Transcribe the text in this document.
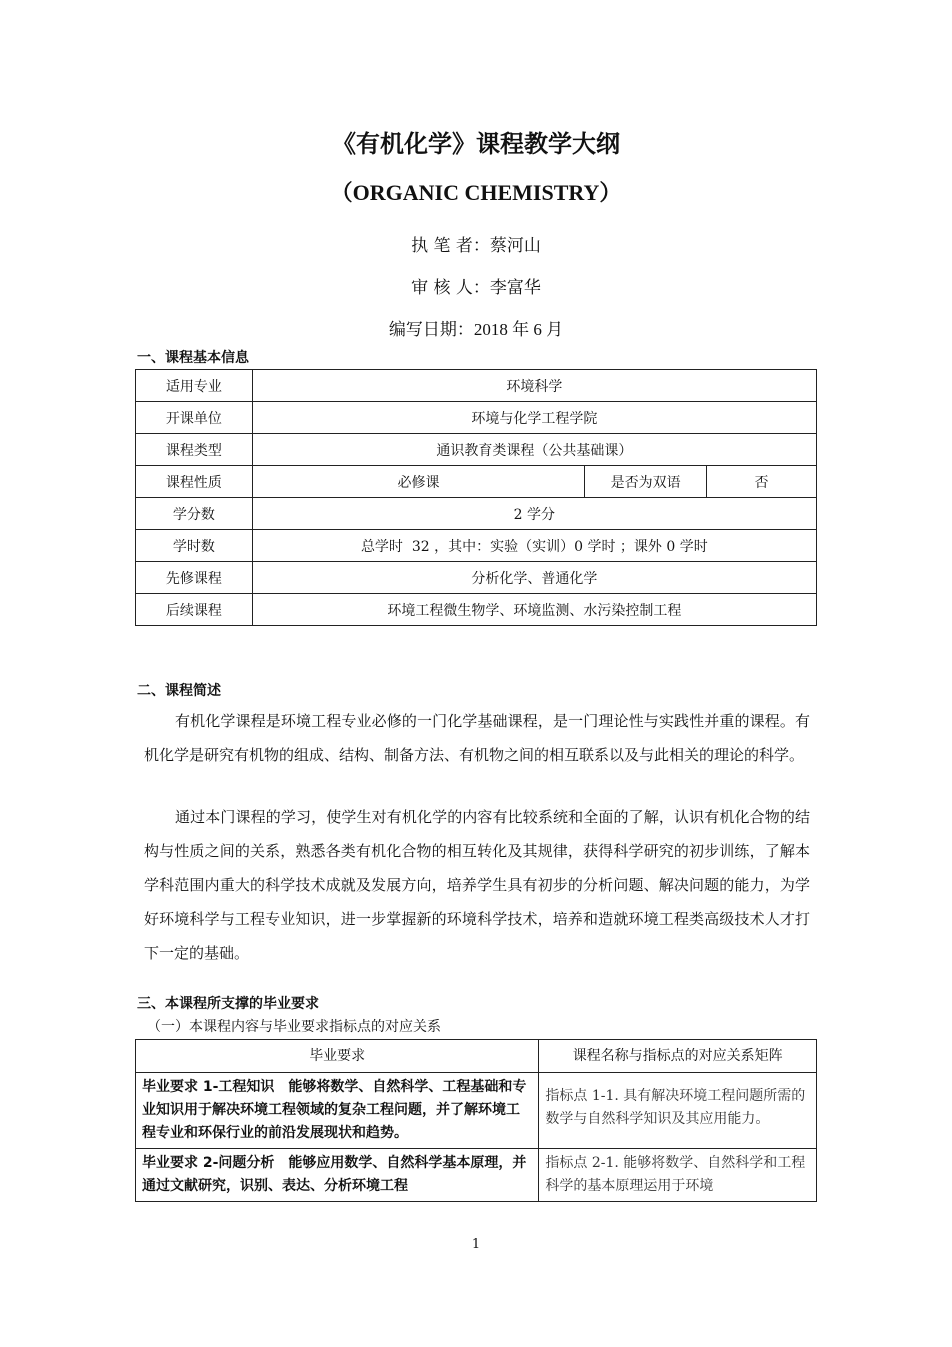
《有机化学》课程教学大纲
（ORGANIC CHEMISTRY）
执 笔 者：蔡河山
审 核 人：李富华
编写日期：2018 年 6 月
一、课程基本信息
适用专业	环境科学		
开课单位	环境与化学工程学院		
课程类型	通识教育类课程（公共基础课）		
课程性质	必修课	是否为双语	否
学分数	2 学分		
学时数	总学时  32 ，其中：实验（实训）0 学时 ；课外 0 学时		
先修课程	分析化学、普通化学		
后续课程	环境工程微生物学、环境监测、水污染控制工程		
二、课程简述
有机化学课程是环境工程专业必修的一门化学基础课程，是一门理论性与实践性并重的课程。有机化学是研究有机物的组成、结构、制备方法、有机物之间的相互联系以及与此相关的理论的科学。
通过本门课程的学习，使学生对有机化学的内容有比较系统和全面的了解，认识有机化合物的结构与性质之间的关系，熟悉各类有机化合物的相互转化及其规律，获得科学研究的初步训练，了解本学科范围内重大的科学技术成就及发展方向，培养学生具有初步的分析问题、解决问题的能力，为学好环境科学与工程专业知识，进一步掌握新的环境科学技术，培养和造就环境工程类高级技术人才打下一定的基础。
三、本课程所支撑的毕业要求
（一）本课程内容与毕业要求指标点的对应关系
毕业要求	课程名称与指标点的对应关系矩阵
毕业要求 1-工程知识　能够将数学、自然科学、工程基础和专业知识用于解决环境工程领域的复杂工程问题，并了解环境工程专业和环保行业的前沿发展现状和趋势。	指标点 1-1. 具有解决环境工程问题所需的数学与自然科学知识及其应用能力。
毕业要求 2-问题分析　能够应用数学、自然科学基本原理，并通过文献研究，识别、表达、分析环境工程	指标点 2-1. 能够将数学、自然科学和工程科学的基本原理运用于环境
1
